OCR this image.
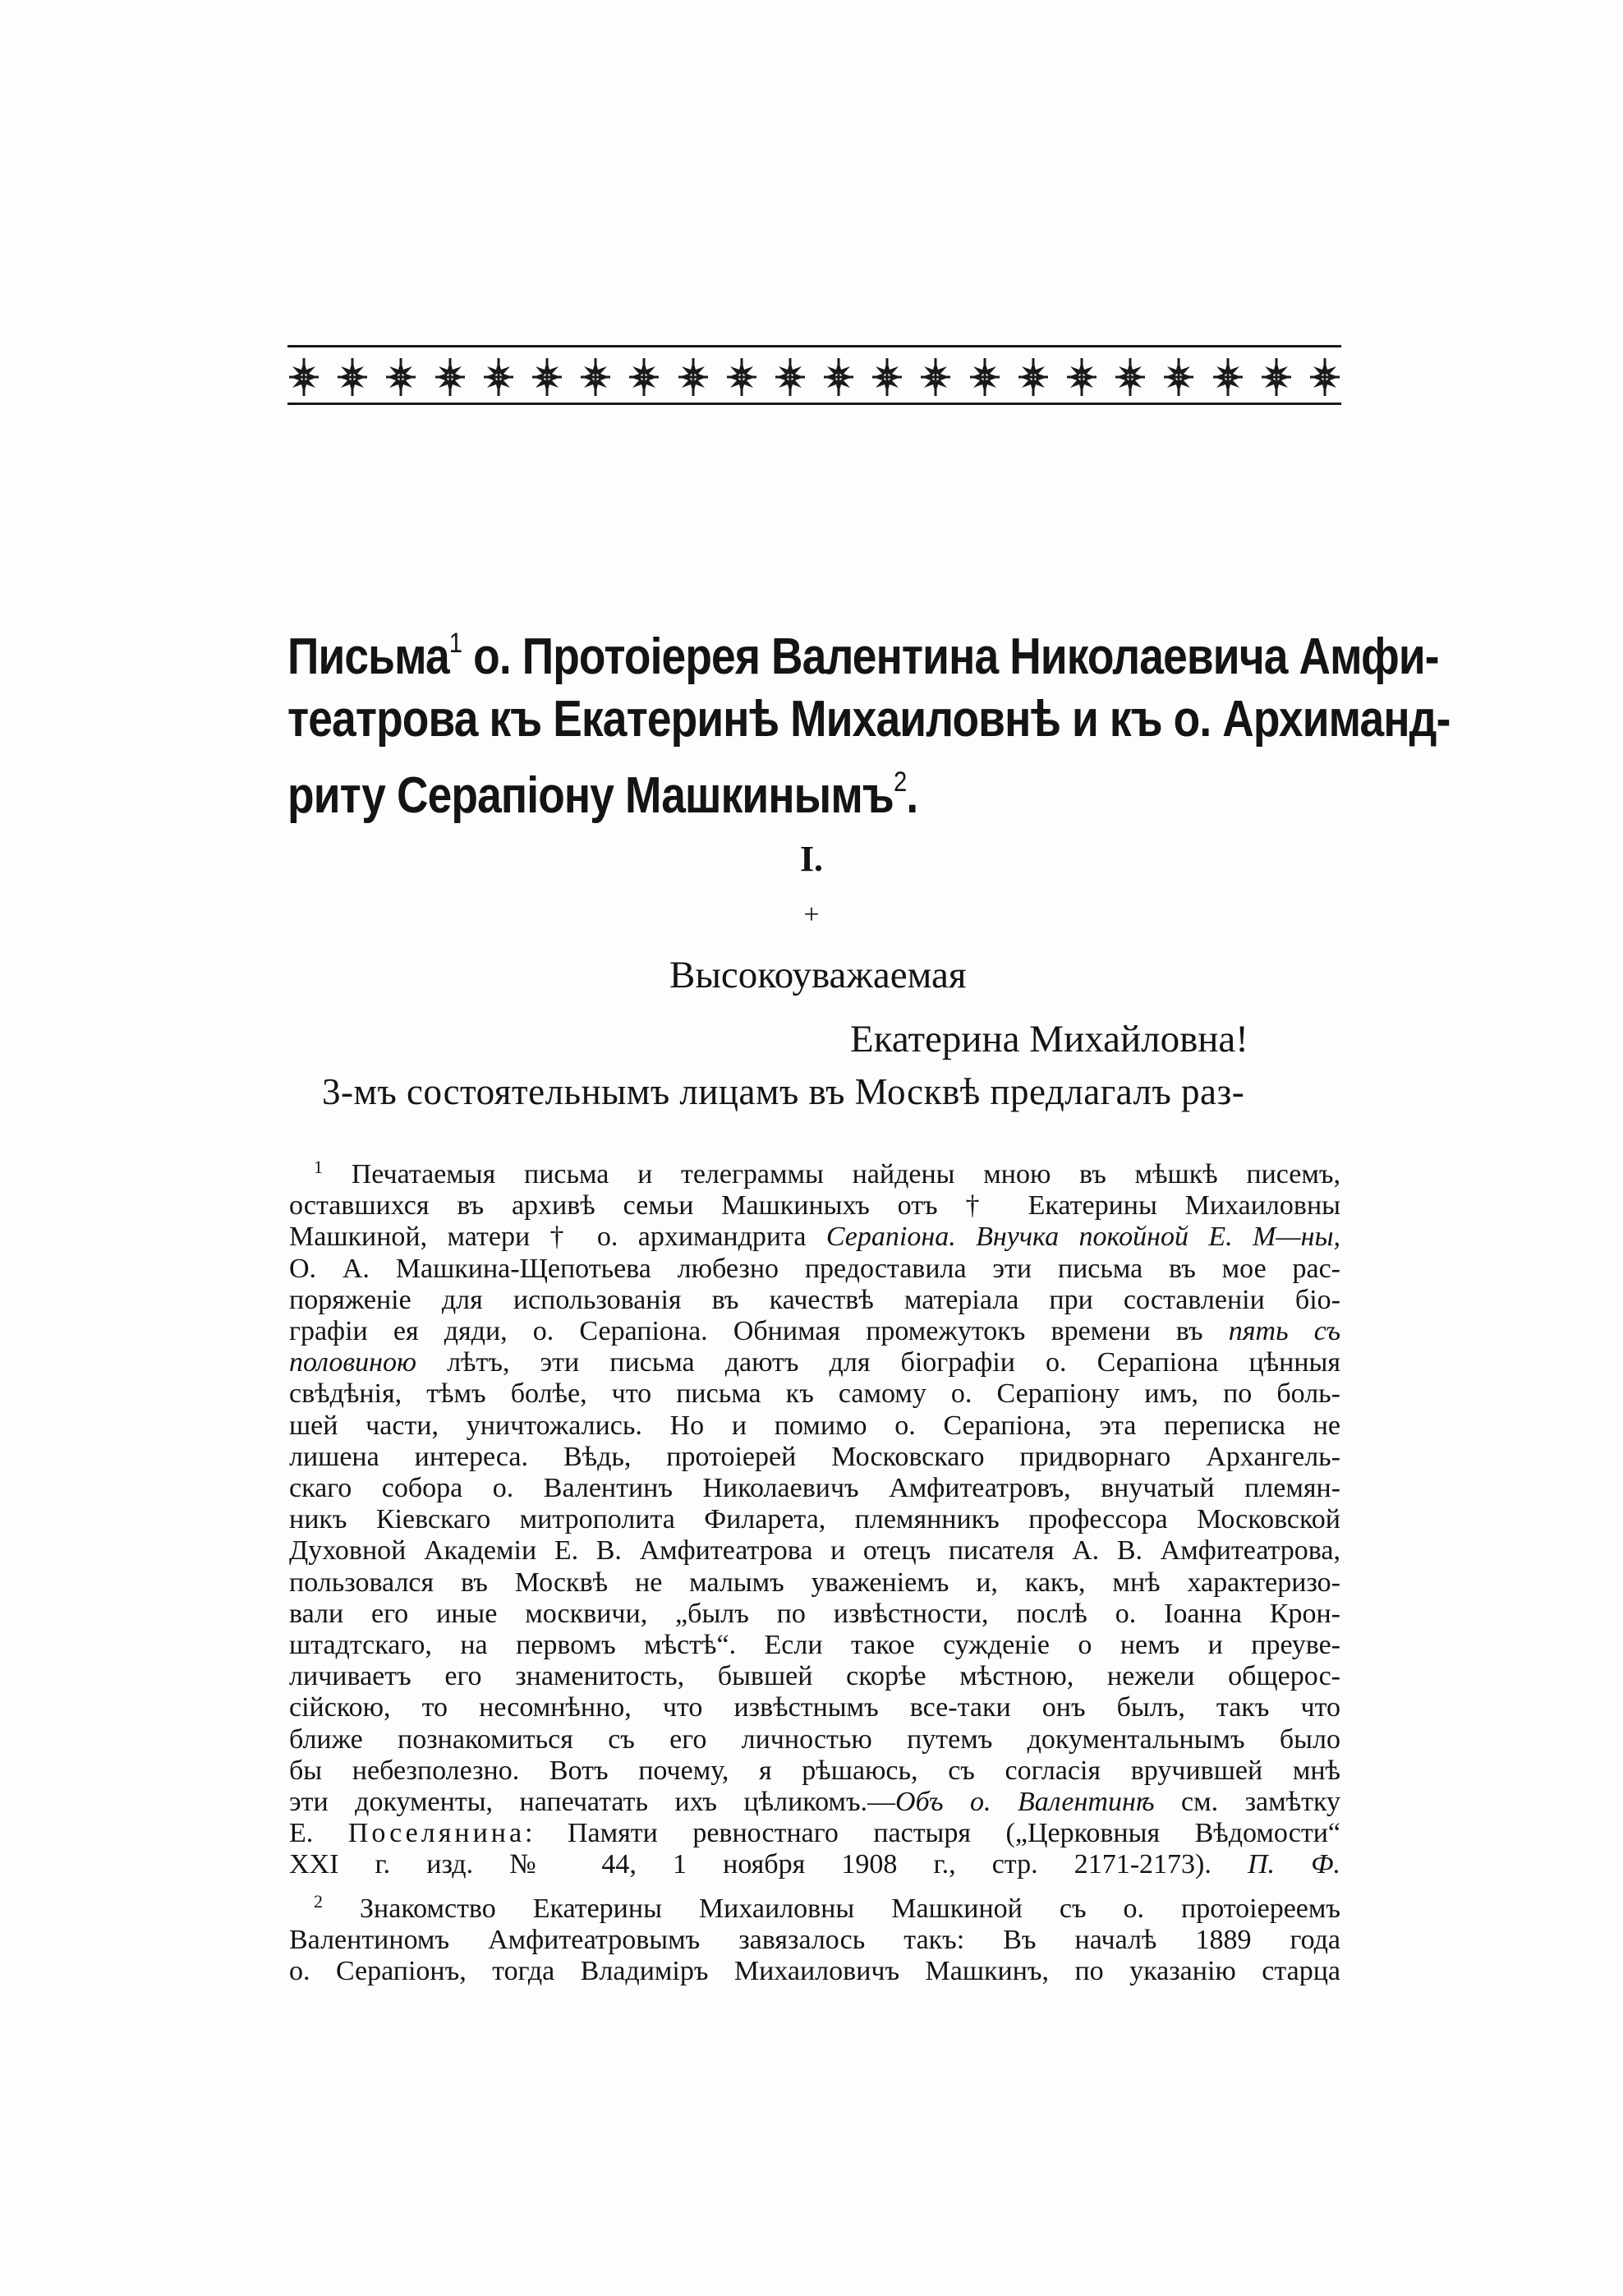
Письма$^1$ о. Протоіерея Валентина Николаевича Амфи-
театрова къ Екатеринѣ Михаиловнѣ и къ о. Архиманд-
риту Серапіону Машкинымъ$^2$.
I.
+
Высокоуважаемая
Екатерина Михайловна!
3-мъ состоятельнымъ лицамъ въ Москвѣ предлагалъ раз-
$^1$ Печатаемыя письма и телеграммы найдены мною въ мѣшкѣ писемъ,
оставшихся въ архивѣ семьи Машкиныхъ отъ † Екатерины Михаиловны
Машкиной, матери † о. архимандрита Серапіона. Внучка покойной Е. М—ны,
О. А. Машкина-Щепотьева любезно предоставила эти письма въ мое рас-
поряженіе для использованія въ качествѣ матеріала при составленіи біо-
графіи ея дяди, о. Серапіона. Обнимая промежутокъ времени въ пять съ
половиною лѣтъ, эти письма даютъ для біографіи о. Серапіона цѣнныя
свѣдѣнія, тѣмъ болѣе, что письма къ самому о. Серапіону имъ, по боль-
шей части, уничтожались. Но и помимо о. Серапіона, эта переписка не
лишена интереса. Вѣдь, протоіерей Московскаго придворнаго Архангель-
скаго собора о. Валентинъ Николаевичъ Амфитеатровъ, внучатый племян-
никъ Кіевскаго митрополита Филарета, племянникъ профессора Московской
Духовной Академіи Е. В. Амфитеатрова и отецъ писателя А. В. Амфитеатрова,
пользовался въ Москвѣ не малымъ уваженіемъ и, какъ, мнѣ характеризо-
вали его иные москвичи, „былъ по извѣстности, послѣ о. Іоанна Крон-
штадтскаго, на первомъ мѣстѣ“. Если такое сужденіе о немъ и преуве-
личиваетъ его знаменитость, бывшей скорѣе мѣстною, нежели общерос-
сійскою, то несомнѣнно, что извѣстнымъ все-таки онъ былъ, такъ что
ближе познакомиться съ его личностью путемъ документальнымъ было
бы небезполезно. Вотъ почему, я рѣшаюсь, съ согласія вручившей мнѣ
эти документы, напечатать ихъ цѣликомъ.—Объ о. Валентинѣ см. замѣтку
Е. Поселянина: Памяти ревностнаго пастыря („Церковныя Вѣдомости“
XXI г. изд. № 44, 1 ноября 1908 г., стр. 2171-2173). П. Ф.
$^2$ Знакомство Екатерины Михаиловны Машкиной съ о. протоіереемъ
Валентиномъ Амфитеатровымъ завязалось такъ: Въ началѣ 1889 года
о. Серапіонъ, тогда Владиміръ Михаиловичъ Машкинъ, по указанію старца
